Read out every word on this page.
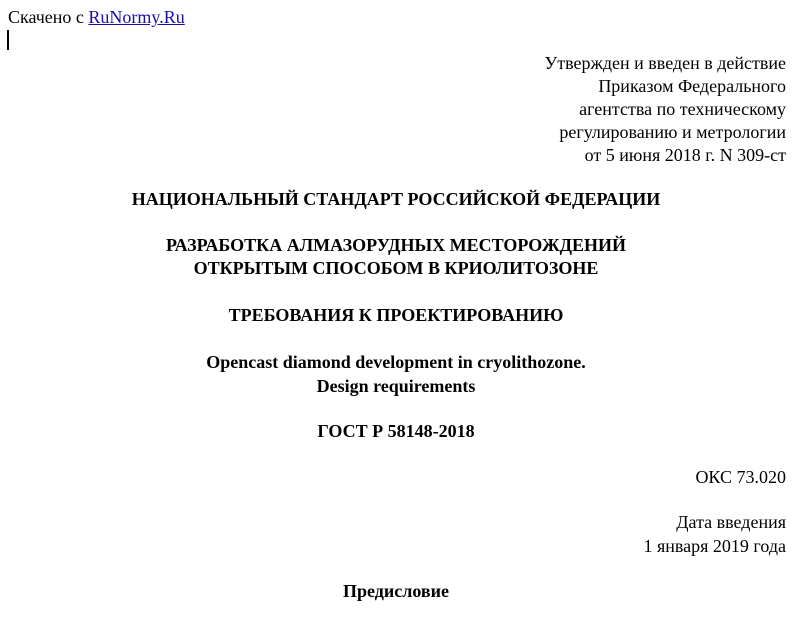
Скачено с RuNormy.Ru
Утвержден и введен в действие
Приказом Федерального
агентства по техническому
регулированию и метрологии
от 5 июня 2018 г. N 309-ст
НАЦИОНАЛЬНЫЙ СТАНДАРТ РОССИЙСКОЙ ФЕДЕРАЦИИ
РАЗРАБОТКА АЛМАЗОРУДНЫХ МЕСТОРОЖДЕНИЙ
ОТКРЫТЫМ СПОСОБОМ В КРИОЛИТОЗОНЕ
ТРЕБОВАНИЯ К ПРОЕКТИРОВАНИЮ
Opencast diamond development in cryolithozone.
Design requirements
ГОСТ Р 58148-2018
ОКС 73.020
Дата введения
1 января 2019 года
Предисловие
